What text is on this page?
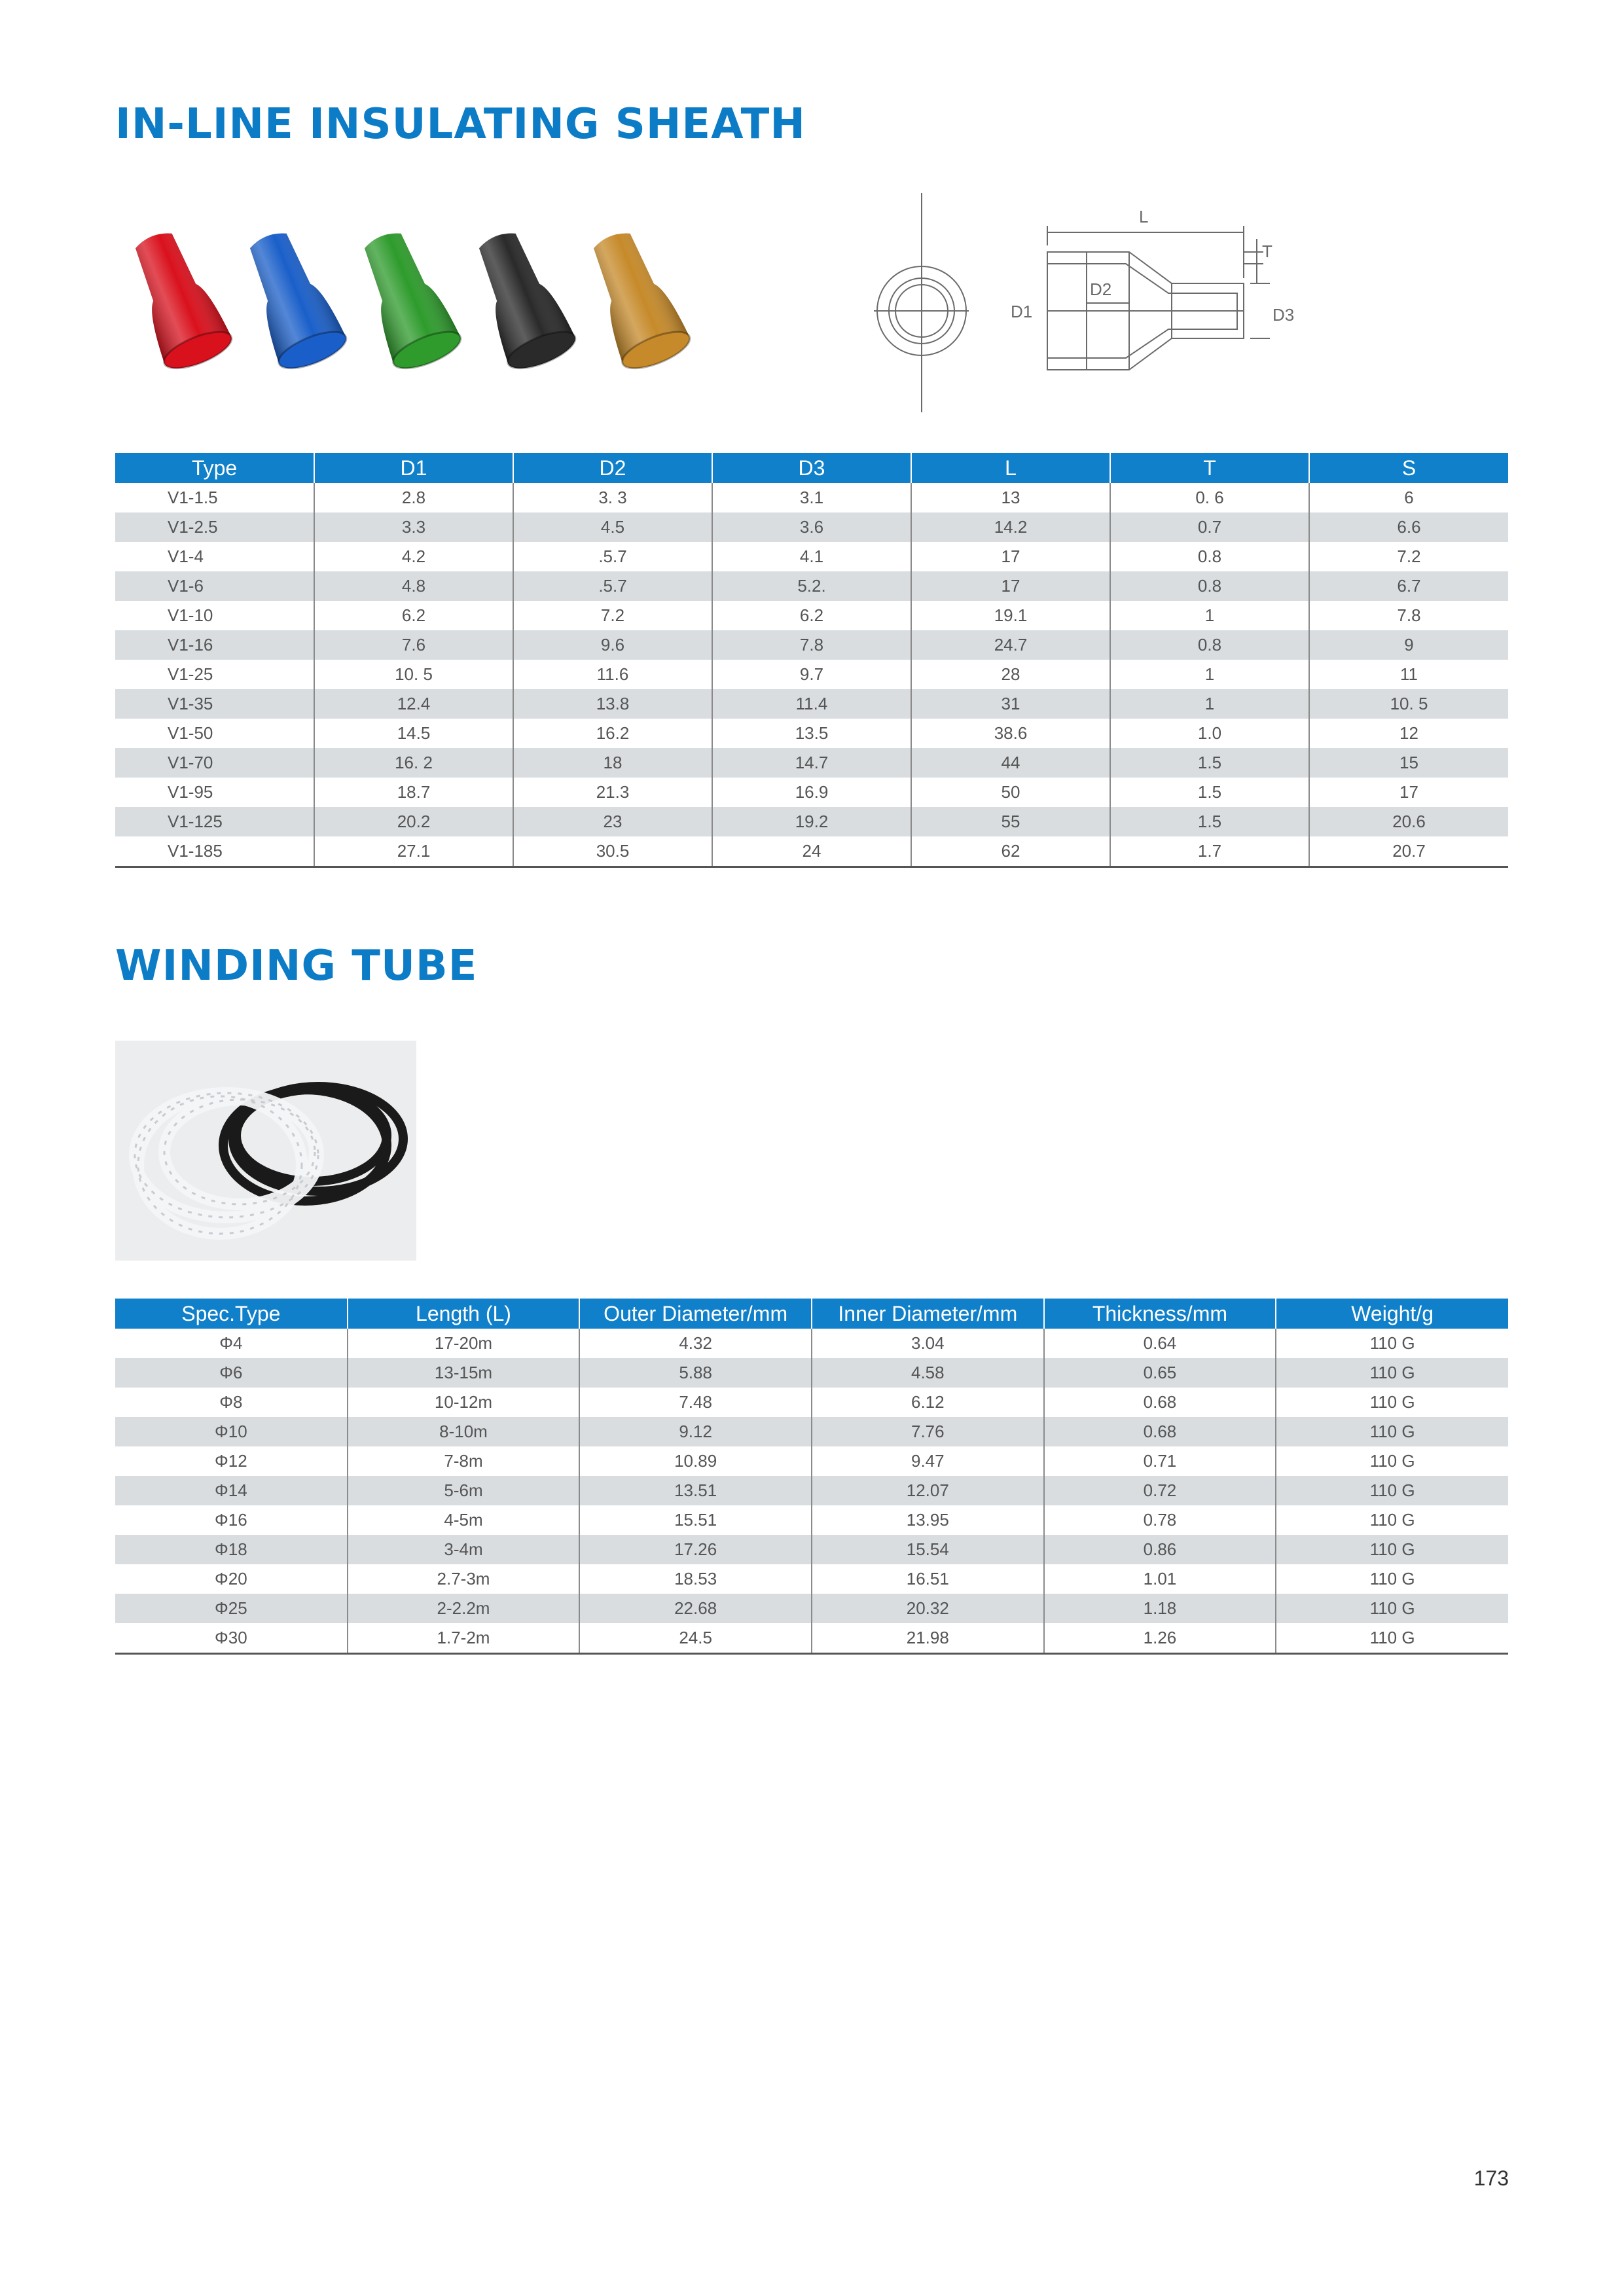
IN-LINE INSULATING SHEATH
L
T
D1
D2
D3
Type	D1	D2	D3	L	T	S
V1-1.5	2.8	3. 3	3.1	13	0. 6	6
V1-2.5	3.3	4.5	3.6	14.2	0.7	6.6
V1-4	4.2	.5.7	4.1	17	0.8	7.2
V1-6	4.8	.5.7	5.2.	17	0.8	6.7
V1-10	6.2	7.2	6.2	19.1	1	7.8
V1-16	7.6	9.6	7.8	24.7	0.8	9
V1-25	10. 5	11.6	9.7	28	1	11
V1-35	12.4	13.8	11.4	31	1	10. 5
V1-50	14.5	16.2	13.5	38.6	1.0	12
V1-70	16. 2	18	14.7	44	1.5	15
V1-95	18.7	21.3	16.9	50	1.5	17
V1-125	20.2	23	19.2	55	1.5	20.6
V1-185	27.1	30.5	24	62	1.7	20.7
WINDING TUBE
Spec.Type	Length (L)	Outer Diameter/mm	Inner Diameter/mm	Thickness/mm	Weight/g
Φ4	17-20m	4.32	3.04	0.64	110 G
Φ6	13-15m	5.88	4.58	0.65	110 G
Φ8	10-12m	7.48	6.12	0.68	110 G
Φ10	8-10m	9.12	7.76	0.68	110 G
Φ12	7-8m	10.89	9.47	0.71	110 G
Φ14	5-6m	13.51	12.07	0.72	110 G
Φ16	4-5m	15.51	13.95	0.78	110 G
Φ18	3-4m	17.26	15.54	0.86	110 G
Φ20	2.7-3m	18.53	16.51	1.01	110 G
Φ25	2-2.2m	22.68	20.32	1.18	110 G
Φ30	1.7-2m	24.5	21.98	1.26	110 G
173
